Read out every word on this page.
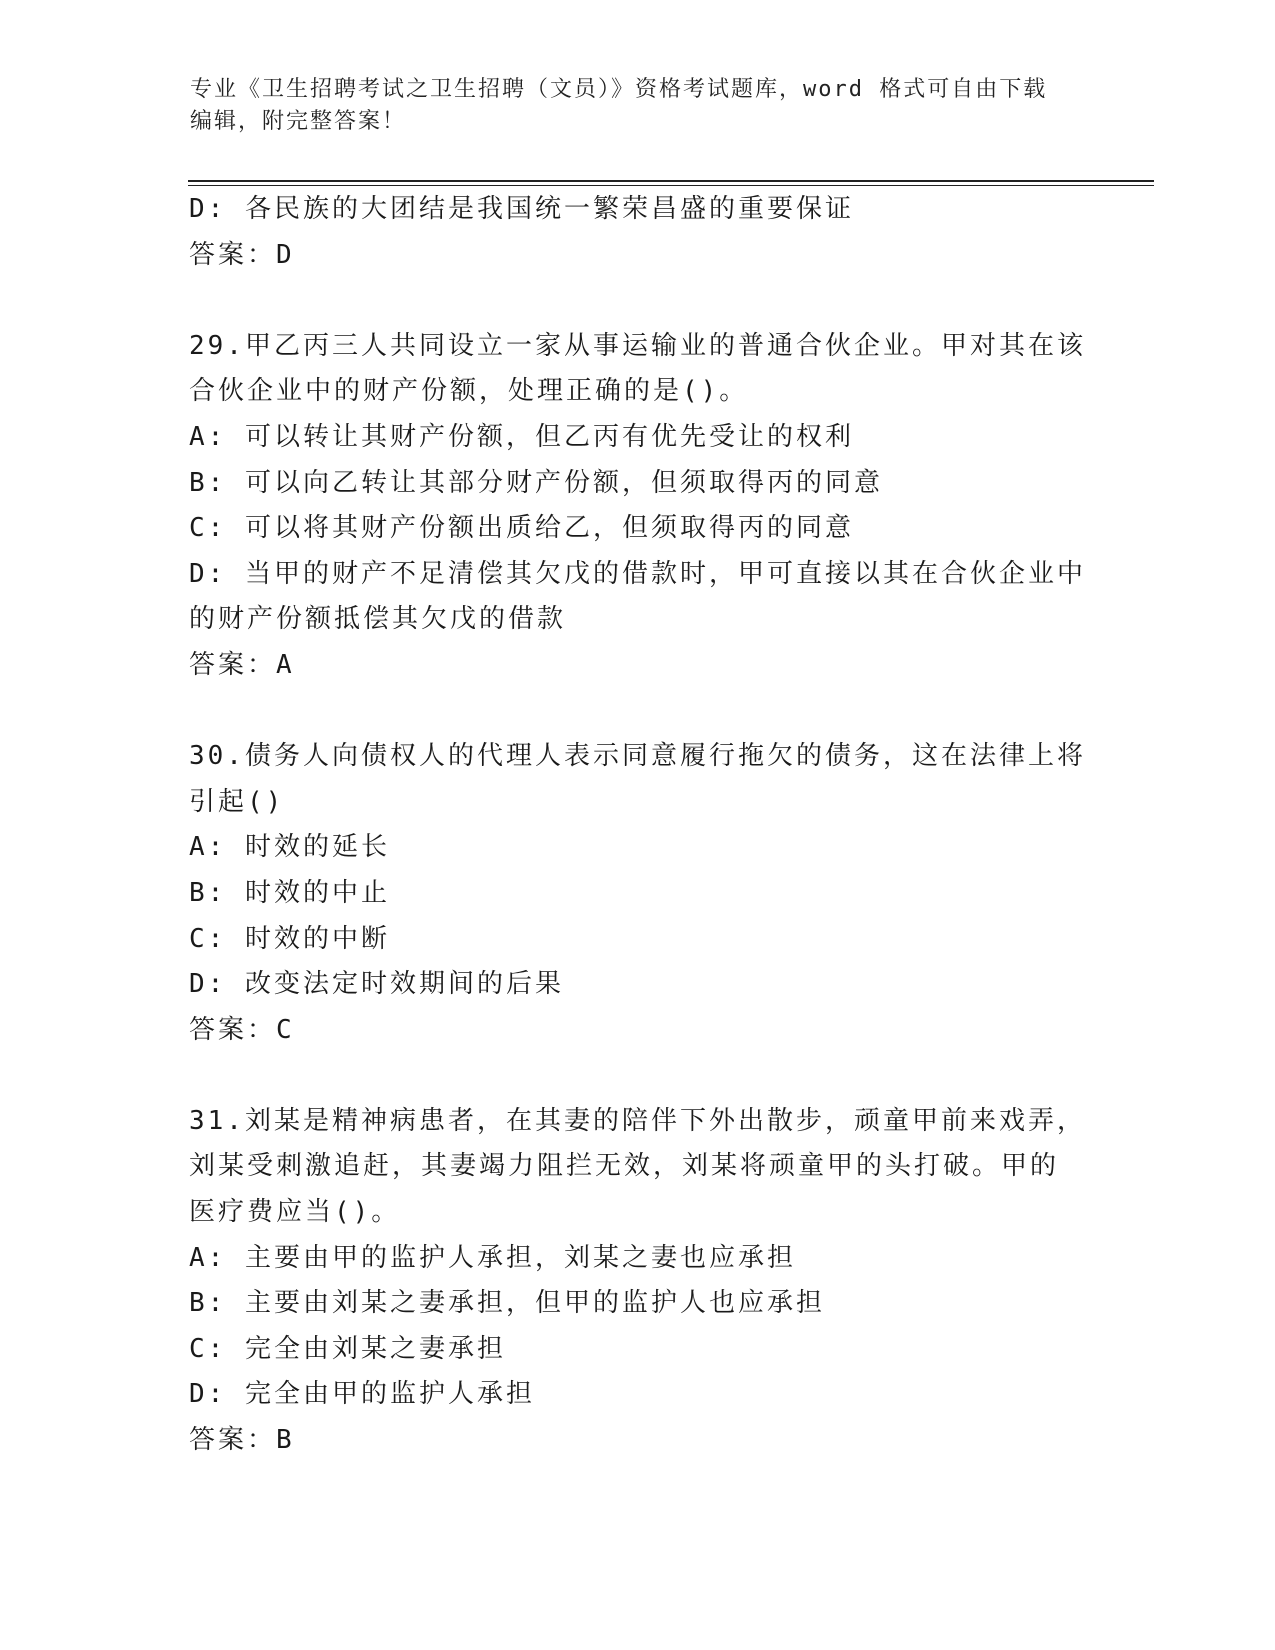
专业《卫生招聘考试之卫生招聘（文员）》资格考试题库，word 格式可自由下载
编辑，附完整答案！
D: 各民族的大团结是我国统一繁荣昌盛的重要保证
答案：D
29.甲乙丙三人共同设立一家从事运输业的普通合伙企业。甲对其在该
合伙企业中的财产份额，处理正确的是()。
A: 可以转让其财产份额，但乙丙有优先受让的权利
B: 可以向乙转让其部分财产份额，但须取得丙的同意
C: 可以将其财产份额出质给乙，但须取得丙的同意
D: 当甲的财产不足清偿其欠戊的借款时，甲可直接以其在合伙企业中
的财产份额抵偿其欠戊的借款
答案：A
30.债务人向债权人的代理人表示同意履行拖欠的债务，这在法律上将
引起()
A: 时效的延长
B: 时效的中止
C: 时效的中断
D: 改变法定时效期间的后果
答案：C
31.刘某是精神病患者，在其妻的陪伴下外出散步，顽童甲前来戏弄，
刘某受刺激追赶，其妻竭力阻拦无效，刘某将顽童甲的头打破。甲的
医疗费应当()。
A: 主要由甲的监护人承担，刘某之妻也应承担
B: 主要由刘某之妻承担，但甲的监护人也应承担
C: 完全由刘某之妻承担
D: 完全由甲的监护人承担
答案：B
